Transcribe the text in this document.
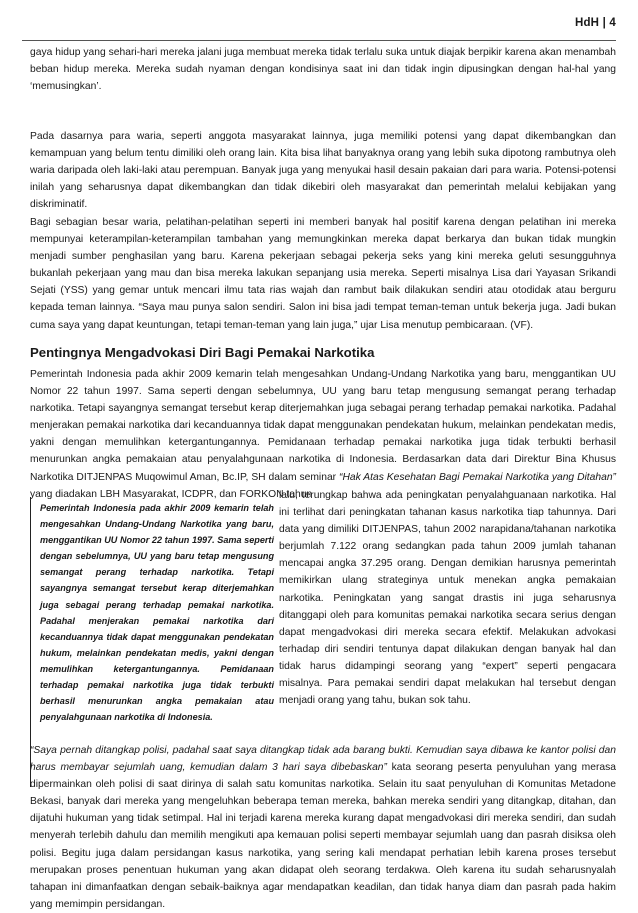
HdH | 4

gaya hidup yang sehari-hari mereka jalani juga membuat mereka tidak terlalu suka untuk diajak berpikir karena akan menambah beban hidup mereka. Mereka sudah nyaman dengan kondisinya saat ini dan tidak ingin dipusingkan dengan hal-hal yang ‘memusingkan’.

Pada dasarnya para waria, seperti anggota masyarakat lainnya, juga memiliki potensi yang dapat dikembangkan dan kemampuan yang belum tentu dimiliki oleh orang lain. Kita bisa lihat banyaknya orang yang lebih suka dipotong rambutnya oleh waria daripada oleh laki-laki atau perempuan. Banyak juga yang menyukai hasil desain pakaian dari para waria. Potensi-potensi inilah yang seharusnya dapat dikembangkan dan tidak dikebiri oleh masyarakat dan pemerintah melalui kebijakan yang diskriminatif.

Bagi sebagian besar waria, pelatihan-pelatihan seperti ini memberi banyak hal positif karena dengan pelatihan ini mereka mempunyai keterampilan-keterampilan tambahan yang memungkinkan mereka dapat berkarya dan bukan tidak mungkin menjadi sumber penghasilan yang baru. Karena pekerjaan sebagai pekerja seks yang kini mereka geluti sesungguhnya bukanlah pekerjaan yang mau dan bisa mereka lakukan sepanjang usia mereka. Seperti misalnya Lisa dari Yayasan Srikandi Sejati (YSS) yang gemar untuk mencari ilmu tata rias wajah dan rambut baik dilakukan sendiri atau otodidak atau berguru kepada teman lainnya. “Saya mau punya salon sendiri. Salon ini bisa jadi tempat teman-teman untuk bekerja juga. Jadi bukan cuma saya yang dapat keuntungan, tetapi teman-teman yang lain juga,” ujar Lisa menutup pembicaraan. (VF).

Pentingnya Mengadvokasi Diri Bagi Pemakai Narkotika

Pemerintah Indonesia pada akhir 2009 kemarin telah mengesahkan Undang-Undang Narkotika yang baru, menggantikan UU Nomor 22 tahun 1997. Sama seperti dengan sebelumnya, UU yang baru tetap mengusung semangat perang terhadap narkotika. Tetapi sayangnya semangat tersebut kerap diterjemahkan juga sebagai perang terhadap pemakai narkotika. Padahal menjerakan pemakai narkotika dari kecanduannya tidak dapat menggunakan pendekatan hukum, melainkan pendekatan medis, yakni dengan memulihkan ketergantungannya. Pemidanaan terhadap pemakai narkotika juga tidak terbukti berhasil menurunkan angka pemakaian atau penyalahgunaan narkotika di Indonesia. Berdasarkan data dari Direktur Bina Khusus Narkotika DITJENPAS Muqowimul Aman, Bc.IP, SH dalam seminar “Hak Atas Kesehatan Bagi Pemakai Narkotika yang Ditahan” yang diadakan LBH Masyarakat, ICDPR, dan FORKON tahun

Pemerintah Indonesia pada akhir 2009 kemarin telah mengesahkan Undang-Undang Narkotika yang baru, menggantikan UU Nomor 22 tahun 1997. Sama seperti dengan sebelumnya, UU yang baru tetap mengusung semangat perang terhadap narkotika. Tetapi sayangnya semangat tersebut kerap diterjemahkan juga sebagai perang terhadap pemakai narkotika. Padahal menjerakan pemakai narkotika dari kecanduannya tidak dapat menggunakan pendekatan hukum, melainkan pendekatan medis, yakni dengan memulihkan ketergantungannya. Pemidanaan terhadap pemakai narkotika juga tidak terbukti berhasil menurunkan angka pemakaian atau penyalahgunaan narkotika di Indonesia.

lalu, terungkap bahwa ada peningkatan penyalahguanaan narkotika. Hal ini terlihat dari peningkatan tahanan kasus narkotika tiap tahunnya. Dari data yang dimiliki DITJENPAS, tahun 2002 narapidana/tahanan narkotika berjumlah 7.122 orang sedangkan pada tahun 2009 jumlah tahanan mencapai angka 37.295 orang. Dengan demikian harusnya pemerintah memikirkan ulang strateginya untuk menekan angka pemakaian narkotika. Peningkatan yang sangat drastis ini juga seharusnya ditanggapi oleh para komunitas pemakai narkotika secara serius dengan dapat mengadvokasi diri mereka secara efektif. Melakukan advokasi terhadap diri sendiri tentunya dapat dilakukan dengan banyak hal dan tidak harus didampingi seorang yang “expert” seperti pengacara misalnya. Para pemakai sendiri dapat melakukan hal tersebut dengan menjadi orang yang tahu, bukan sok tahu.

“Saya pernah ditangkap polisi, padahal saat saya ditangkap tidak ada barang bukti. Kemudian saya dibawa ke kantor polisi dan harus membayar sejumlah uang, kemudian dalam 3 hari saya dibebaskan” kata seorang peserta penyuluhan yang merasa dipermainkan oleh polisi di saat dirinya di salah satu komunitas narkotika. Selain itu saat penyuluhan di Komunitas Metadone Bekasi, banyak dari mereka yang mengeluhkan beberapa teman mereka, bahkan mereka sendiri yang ditangkap, ditahan, dan dijatuhi hukuman yang tidak setimpal. Hal ini terjadi karena mereka kurang dapat mengadvokasi diri mereka sendiri, dan sudah menyerah terlebih dahulu dan memilih mengikuti apa kemauan polisi seperti membayar sejumlah uang dan pasrah disiksa oleh polisi. Begitu juga dalam persidangan kasus narkotika, yang sering kali mendapat perhatian lebih karena proses tersebut merupakan proses penentuan hukuman yang akan didapat oleh seorang terdakwa. Oleh karena itu sudah seharusnyalah tahapan ini dimanfaatkan dengan sebaik-baiknya agar mendapatkan keadilan, dan tidak hanya diam dan pasrah pada hakim yang memimpin persidangan.
